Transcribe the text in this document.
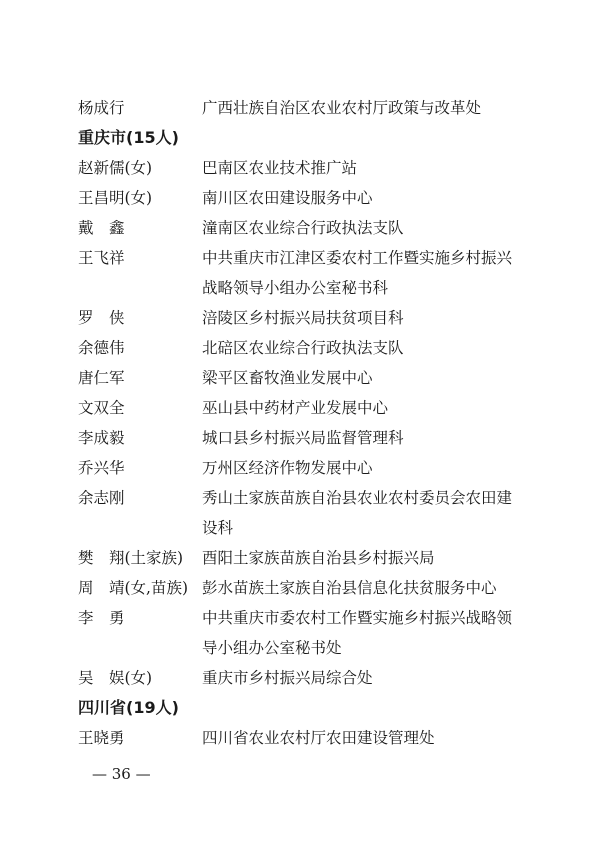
杨成行	广西壮族自治区农业农村厅政策与改革处
重庆市(15人)
赵新儒(女)	巴南区农业技术推广站
王昌明(女)	南川区农田建设服务中心
戴　鑫	潼南区农业综合行政执法支队
王飞祥	中共重庆市江津区委农村工作暨实施乡村振兴
战略领导小组办公室秘书科
罗　侠	涪陵区乡村振兴局扶贫项目科
余德伟	北碚区农业综合行政执法支队
唐仁军	梁平区畜牧渔业发展中心
文双全	巫山县中药材产业发展中心
李成毅	城口县乡村振兴局监督管理科
乔兴华	万州区经济作物发展中心
余志刚	秀山土家族苗族自治县农业农村委员会农田建
设科
樊　翔(土家族) 酉阳土家族苗族自治县乡村振兴局
周　靖(女,苗族) 彭水苗族土家族自治县信息化扶贫服务中心
李　勇	中共重庆市委农村工作暨实施乡村振兴战略领
导小组办公室秘书处
吴　娱(女)	重庆市乡村振兴局综合处
四川省(19人)
王晓勇	四川省农业农村厅农田建设管理处
— 36 —
